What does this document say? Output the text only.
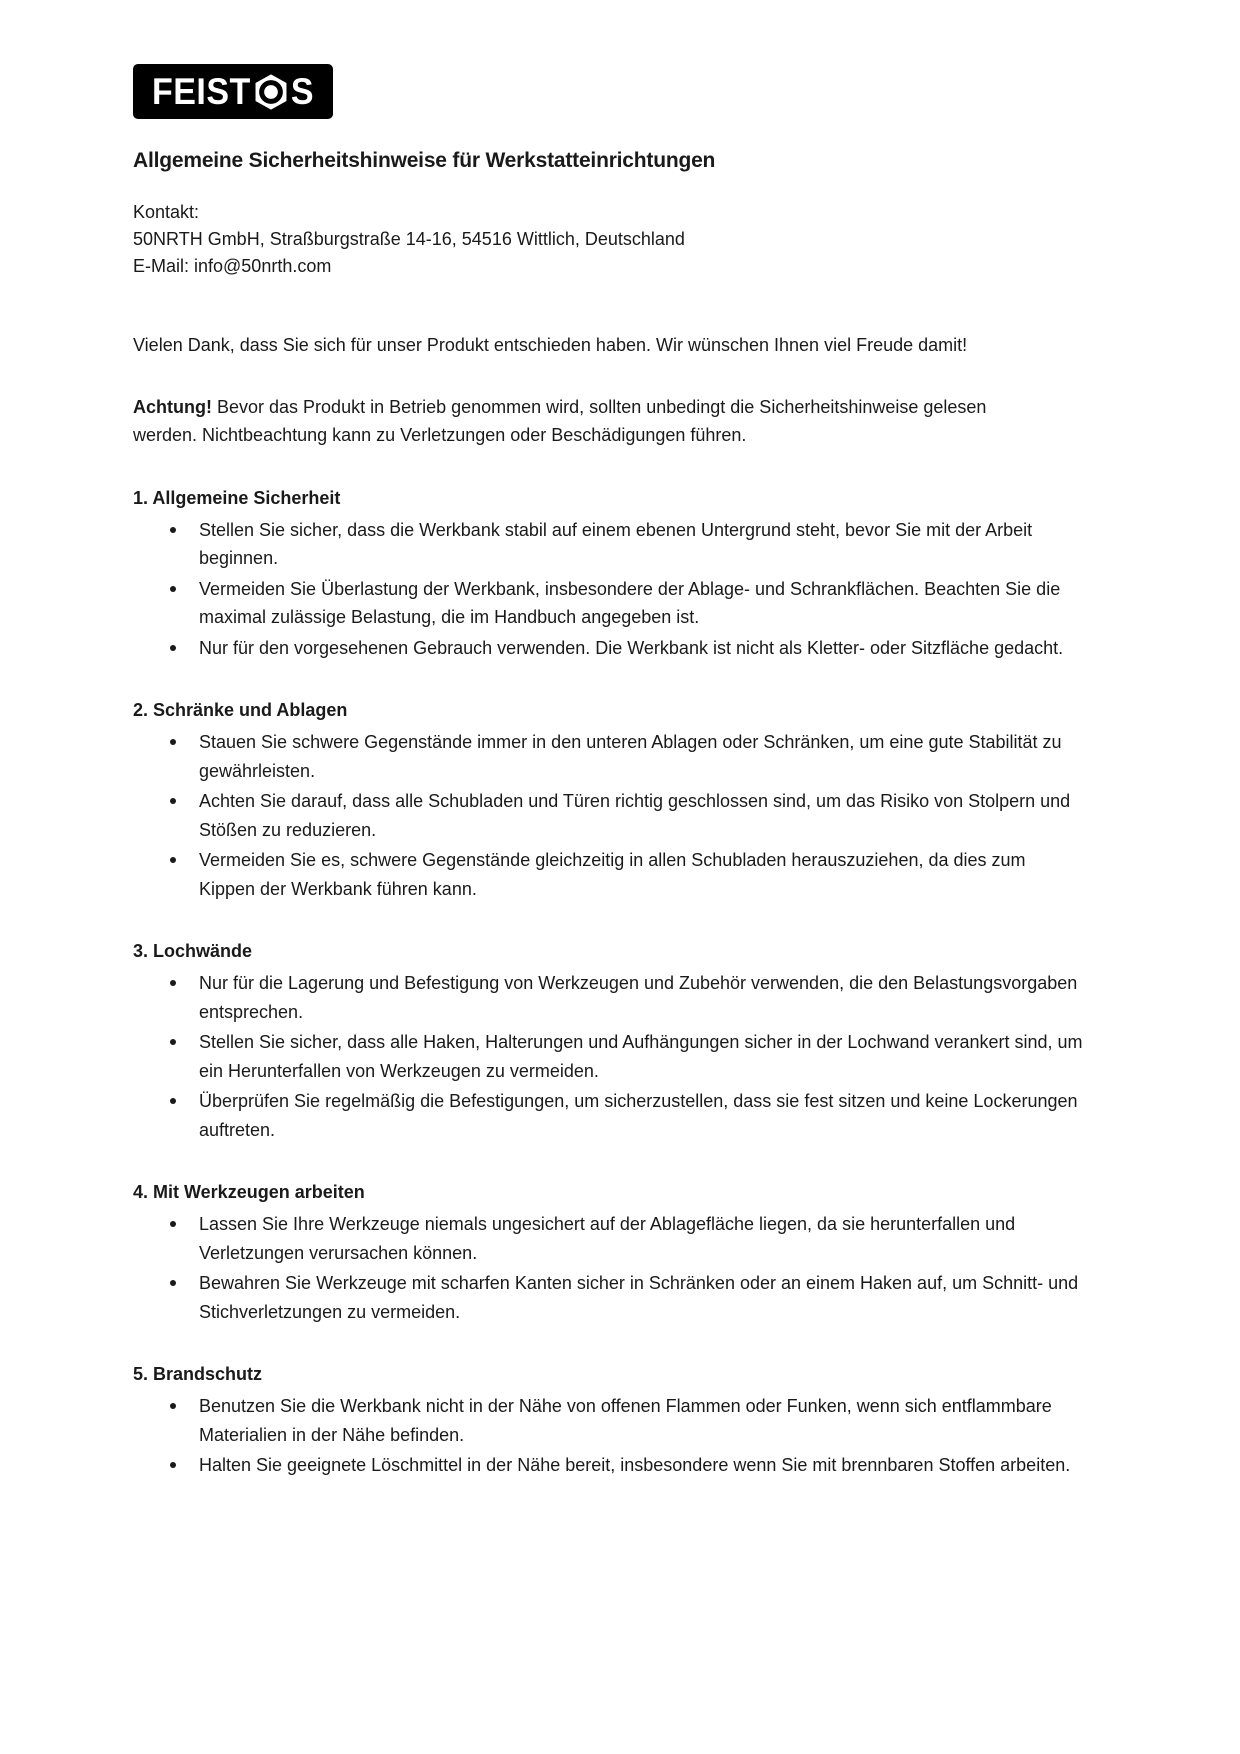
FEIST S
Allgemeine Sicherheitshinweise für Werkstatteinrichtungen
Kontakt:
50NRTH GmbH, Straßburgstraße 14-16, 54516 Wittlich, Deutschland
E-Mail: info@50nrth.com

Vielen Dank, dass Sie sich für unser Produkt entschieden haben. Wir wünschen Ihnen viel Freude damit!

Achtung! Bevor das Produkt in Betrieb genommen wird, sollten unbedingt die Sicherheitshinweise gelesen werden. Nichtbeachtung kann zu Verletzungen oder Beschädigungen führen.

1. Allgemeine Sicherheit
Stellen Sie sicher, dass die Werkbank stabil auf einem ebenen Untergrund steht, bevor Sie mit der Arbeit beginnen.
Vermeiden Sie Überlastung der Werkbank, insbesondere der Ablage- und Schrankflächen. Beachten Sie die maximal zulässige Belastung, die im Handbuch angegeben ist.
Nur für den vorgesehenen Gebrauch verwenden. Die Werkbank ist nicht als Kletter- oder Sitzfläche gedacht.
2. Schränke und Ablagen
Stauen Sie schwere Gegenstände immer in den unteren Ablagen oder Schränken, um eine gute Stabilität zu gewährleisten.
Achten Sie darauf, dass alle Schubladen und Türen richtig geschlossen sind, um das Risiko von Stolpern und Stößen zu reduzieren.
Vermeiden Sie es, schwere Gegenstände gleichzeitig in allen Schubladen herauszuziehen, da dies zum Kippen der Werkbank führen kann.
3. Lochwände
Nur für die Lagerung und Befestigung von Werkzeugen und Zubehör verwenden, die den Belastungsvorgaben entsprechen.
Stellen Sie sicher, dass alle Haken, Halterungen und Aufhängungen sicher in der Lochwand verankert sind, um ein Herunterfallen von Werkzeugen zu vermeiden.
Überprüfen Sie regelmäßig die Befestigungen, um sicherzustellen, dass sie fest sitzen und keine Lockerungen auftreten.
4. Mit Werkzeugen arbeiten
Lassen Sie Ihre Werkzeuge niemals ungesichert auf der Ablagefläche liegen, da sie herunterfallen und Verletzungen verursachen können.
Bewahren Sie Werkzeuge mit scharfen Kanten sicher in Schränken oder an einem Haken auf, um Schnitt- und Stichverletzungen zu vermeiden.
5. Brandschutz
Benutzen Sie die Werkbank nicht in der Nähe von offenen Flammen oder Funken, wenn sich entflammbare Materialien in der Nähe befinden.
Halten Sie geeignete Löschmittel in der Nähe bereit, insbesondere wenn Sie mit brennbaren Stoffen arbeiten.
